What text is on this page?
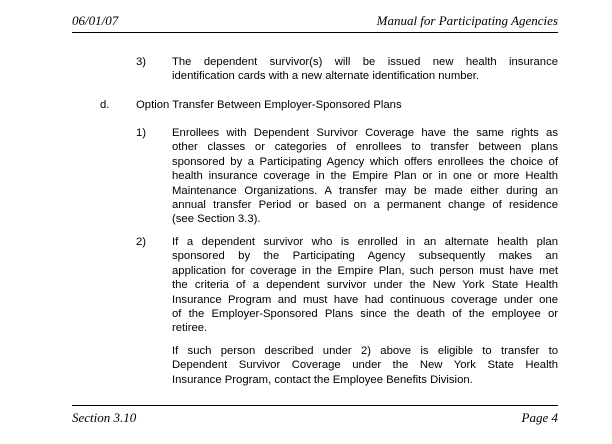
06/01/07	Manual for Participating Agencies
3) The dependent survivor(s) will be issued new health insurance
identification cards with a new alternate identification number.
d. Option Transfer Between Employer-Sponsored Plans
1) Enrollees with Dependent Survivor Coverage have the same rights as
other classes or categories of enrollees to transfer between plans
sponsored by a Participating Agency which offers enrollees the choice of
health insurance coverage in the Empire Plan or in one or more Health
Maintenance Organizations. A transfer may be made either during an
annual transfer Period or based on a permanent change of residence
(see Section 3.3).
2) If a dependent survivor who is enrolled in an alternate health plan
sponsored by the Participating Agency subsequently makes an
application for coverage in the Empire Plan, such person must have met
the criteria of a dependent survivor under the New York State Health
Insurance Program and must have had continuous coverage under one
of the Employer-Sponsored Plans since the death of the employee or
retiree.
If such person described under 2) above is eligible to transfer to
Dependent Survivor Coverage under the New York State Health
Insurance Program, contact the Employee Benefits Division.
Section 3.10	Page 4
